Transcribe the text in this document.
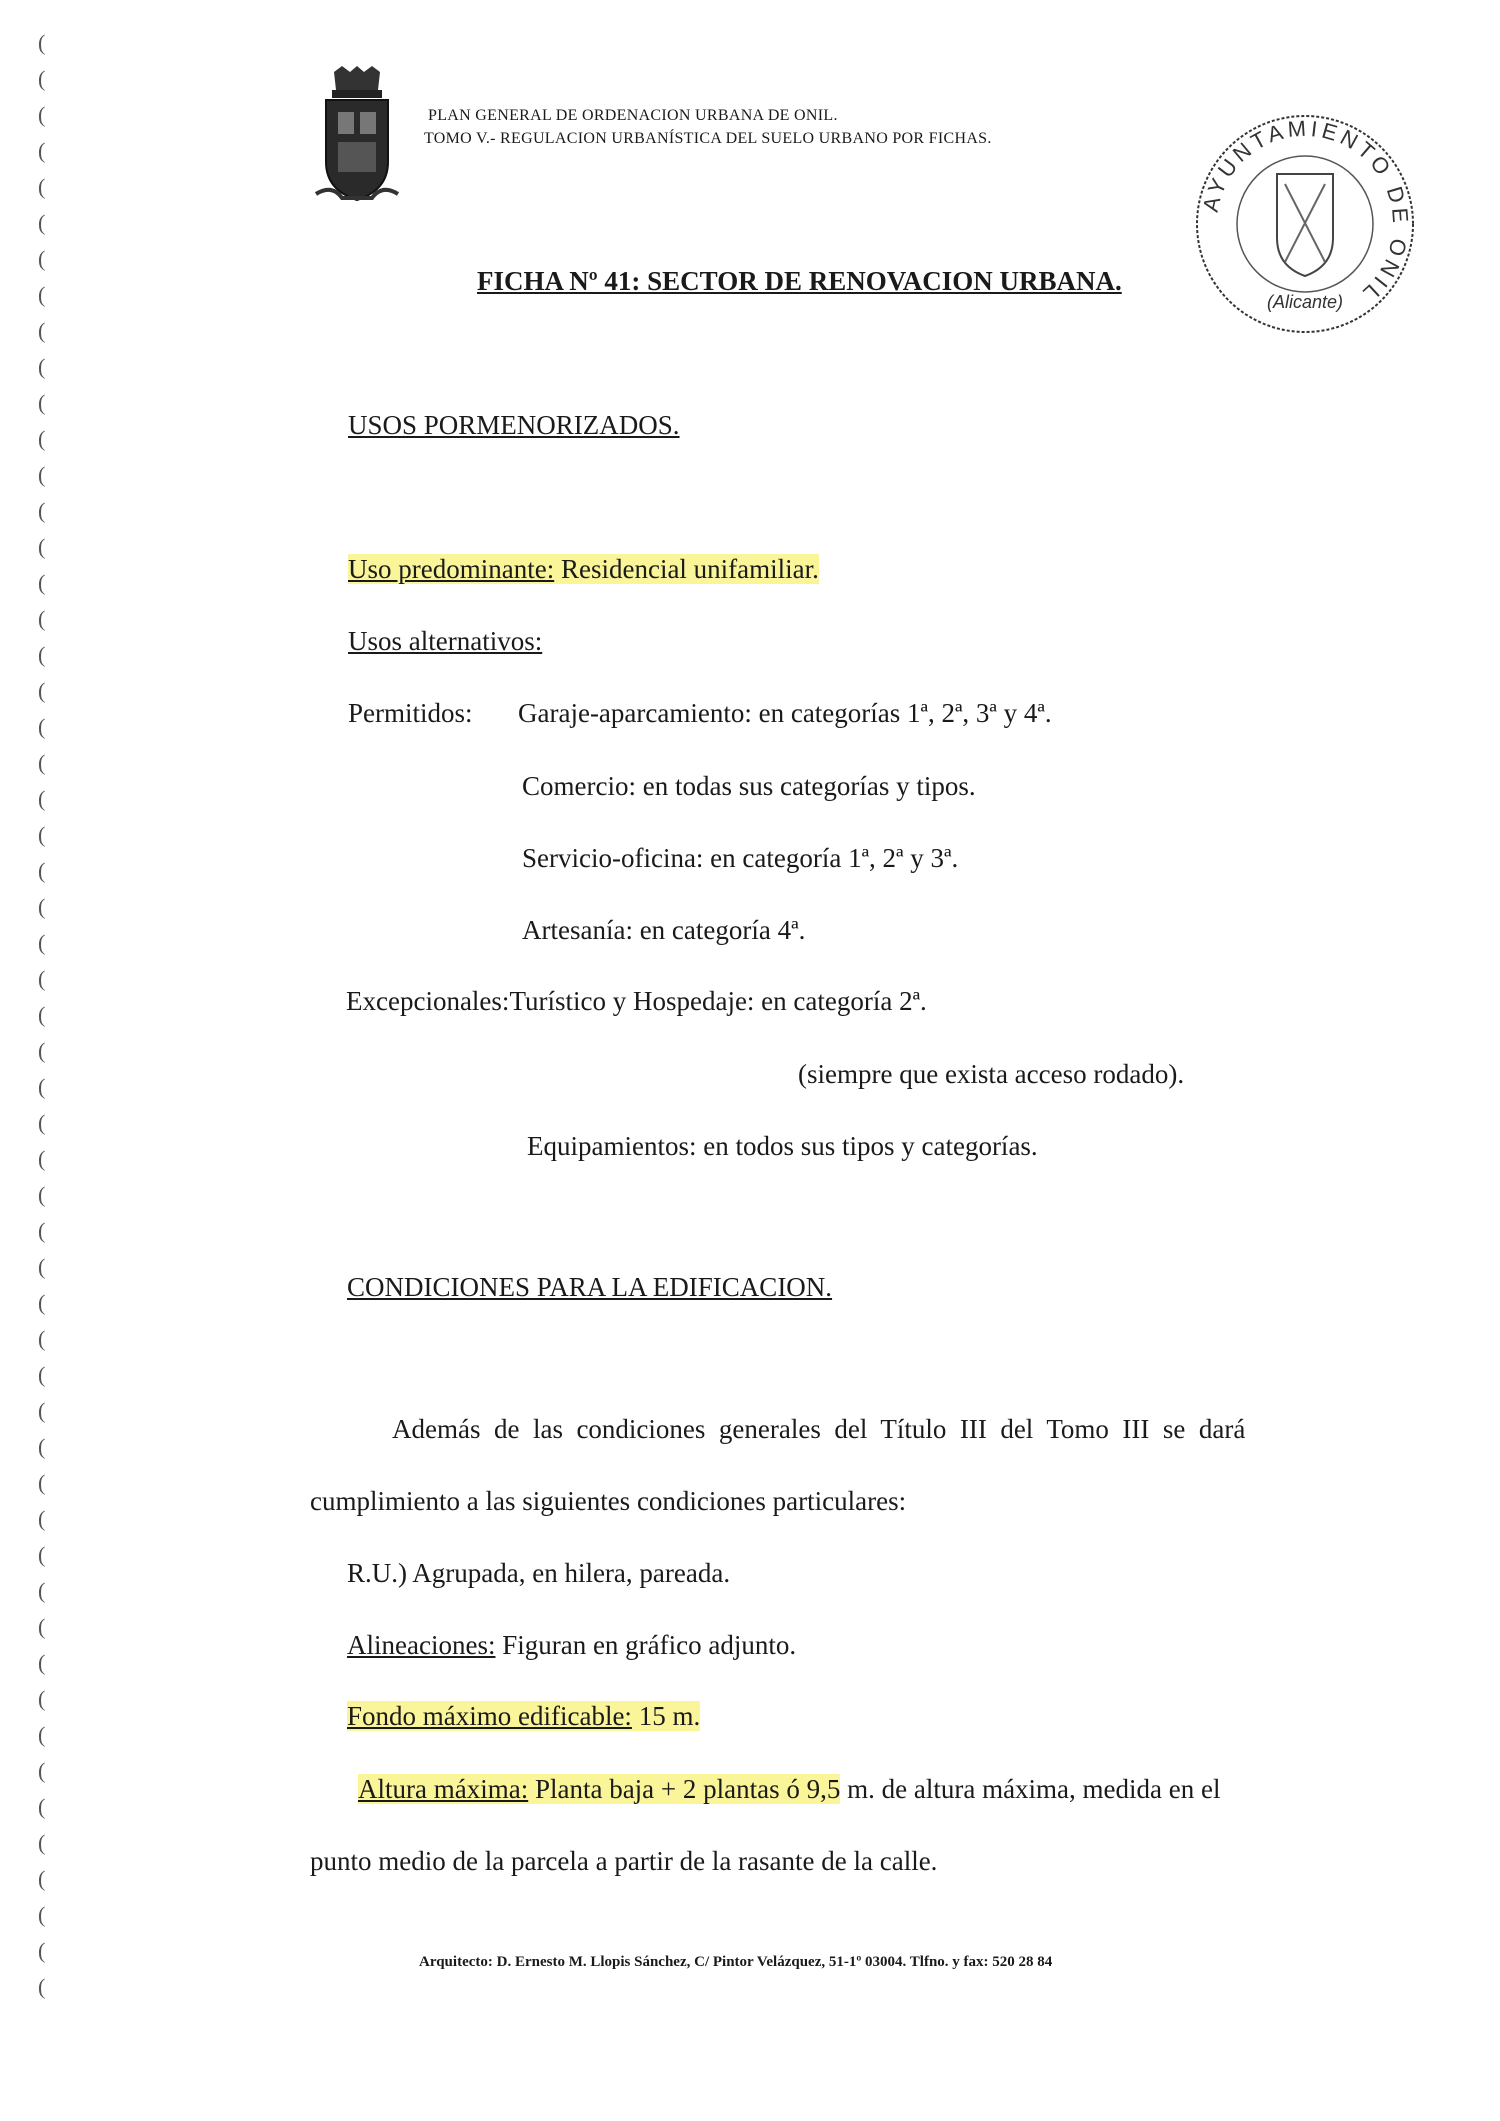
(
(
(
(
(
(
(
(
(
(
(
(
(
(
(
(
(
(
(
(
(
(
(
(
(
(
(
(
(
(
(
(
(
(
(
(
(
(
(
(
(
(
(
(
(
(
(
(
(
(
(
(
(
(
(
PLAN GENERAL DE ORDENACION URBANA DE ONIL.
TOMO V.- REGULACION URBANÍSTICA DEL SUELO URBANO POR FICHAS.
AYUNTAMIENTO DE ONIL
(Alicante)
FICHA Nº 41: SECTOR DE RENOVACION URBANA.
USOS PORMENORIZADOS.
Uso predominante: Residencial unifamiliar.
Usos alternativos:
Permitidos: Garaje-aparcamiento: en categorías 1ª, 2ª, 3ª y 4ª.
Comercio: en todas sus categorías y tipos.
Servicio-oficina: en categoría 1ª, 2ª y 3ª.
Artesanía: en categoría 4ª.
Excepcionales:Turístico y Hospedaje: en categoría 2ª.
(siempre que exista acceso rodado).
Equipamientos: en todos sus tipos y categorías.
CONDICIONES PARA LA EDIFICACION.
Además  de  las  condiciones  generales  del  Título  III  del  Tomo  III  se  dará
cumplimiento a las siguientes condiciones particulares:
R.U.) Agrupada, en hilera, pareada.
Alineaciones: Figuran en gráfico adjunto.
Fondo máximo edificable: 15 m.
Altura máxima: Planta baja + 2 plantas ó 9,5 m. de altura máxima, medida en el
punto medio de la parcela a partir de la rasante de la calle.
Arquitecto: D. Ernesto M. Llopis Sánchez, C/ Pintor Velázquez, 51-1º 03004. Tlfno. y fax: 520 28 84
